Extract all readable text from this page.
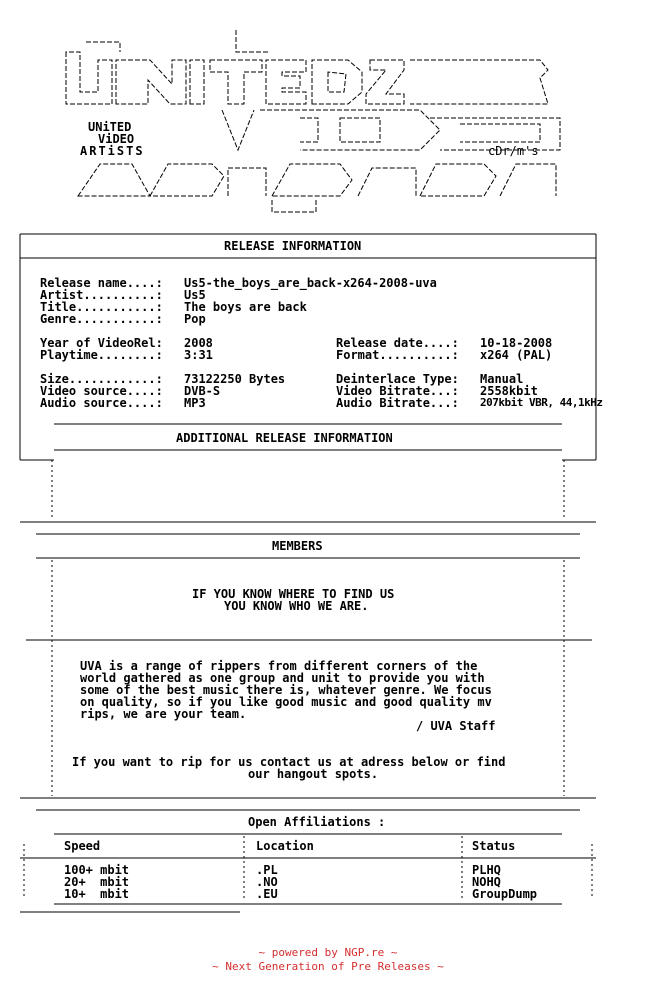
UNiTED
ViDEO
ARTiSTS	cDr/m's
RELEASE INFORMATION
Release name....: Us5-the_boys_are_back-x264-2008-uva
Artist..........: Us5
Title...........: The boys are back
Genre...........: Pop
Year of VideoRel: 2008
Playtime........: 3:31
Release date....: 10-18-2008
Format..........: x264 (PAL)
Size............: 73122250 Bytes
Video source....: DVB-S
Audio source....: MP3
Deinterlace Type: Manual
Video Bitrate...: 2558kbit
Audio Bitrate...: 207kbit VBR, 44,1kHz
ADDITIONAL RELEASE INFORMATION
MEMBERS
IF YOU KNOW WHERE TO FIND US
YOU KNOW WHO WE ARE.
UVA is a range of rippers from different corners of the
world gathered as one group and unit to provide you with
some of the best music there is, whatever genre. We focus
on quality, so if you like good music and good quality mv
rips, we are your team.
/ UVA Staff
If you want to rip for us contact us at adress below or find
our hangout spots.
Open Affiliations :
Speed	Location	Status
100+ mbit	.PL	PLHQ
20+  mbit	.NO	NOHQ
10+  mbit	.EU	GroupDump
~ powered by NGP.re ~
~ Next Generation of Pre Releases ~
